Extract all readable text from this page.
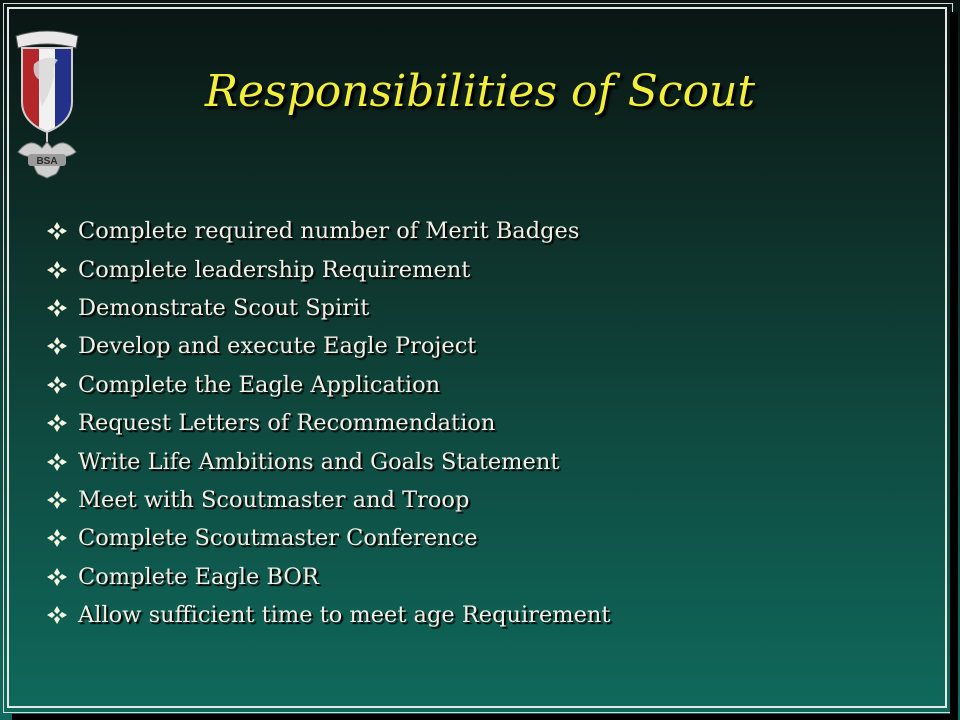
BSA
Responsibilities of Scout
Complete required number of Merit Badges
Complete leadership Requirement
Demonstrate Scout Spirit
Develop and execute Eagle Project
Complete the Eagle Application
Request Letters of Recommendation
Write Life Ambitions and Goals Statement
Meet with Scoutmaster and Troop
Complete Scoutmaster Conference
Complete Eagle BOR
Allow sufficient time to meet age Requirement
